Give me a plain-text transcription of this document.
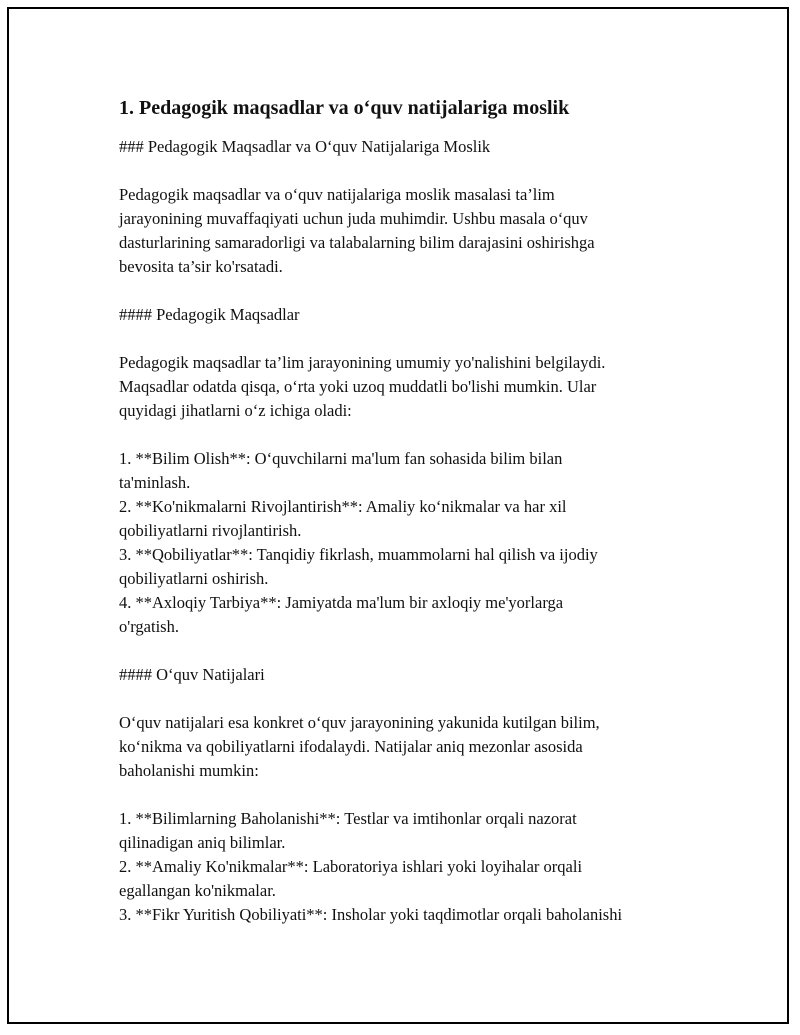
1. Pedagogik maqsadlar va o‘quv natijalariga moslik

### Pedagogik Maqsadlar va O‘quv Natijalariga Moslik

Pedagogik maqsadlar va o‘quv natijalariga moslik masalasi ta’lim
jarayonining muvaffaqiyati uchun juda muhimdir. Ushbu masala o‘quv
dasturlarining samaradorligi va talabalarning bilim darajasini oshirishga
bevosita ta’sir ko'rsatadi.

#### Pedagogik Maqsadlar

Pedagogik maqsadlar ta’lim jarayonining umumiy yo'nalishini belgilaydi.
Maqsadlar odatda qisqa, o‘rta yoki uzoq muddatli bo'lishi mumkin. Ular
quyidagi jihatlarni o‘z ichiga oladi:

1. **Bilim Olish**: O‘quvchilarni ma'lum fan sohasida bilim bilan
ta'minlash.

2. **Ko'nikmalarni Rivojlantirish**: Amaliy ko‘nikmalar va har xil
qobiliyatlarni rivojlantirish.

3. **Qobiliyatlar**: Tanqidiy fikrlash, muammolarni hal qilish va ijodiy
qobiliyatlarni oshirish.

4. **Axloqiy Tarbiya**: Jamiyatda ma'lum bir axloqiy me'yorlarga
o'rgatish.

#### O‘quv Natijalari

O‘quv natijalari esa konkret o‘quv jarayonining yakunida kutilgan bilim,
ko‘nikma va qobiliyatlarni ifodalaydi. Natijalar aniq mezonlar asosida
baholanishi mumkin:

1. **Bilimlarning Baholanishi**: Testlar va imtihonlar orqali nazorat
qilinadigan aniq bilimlar.

2. **Amaliy Ko'nikmalar**: Laboratoriya ishlari yoki loyihalar orqali
egallangan ko'nikmalar.

3. **Fikr Yuritish Qobiliyati**: Insholar yoki taqdimotlar orqali baholanishi
